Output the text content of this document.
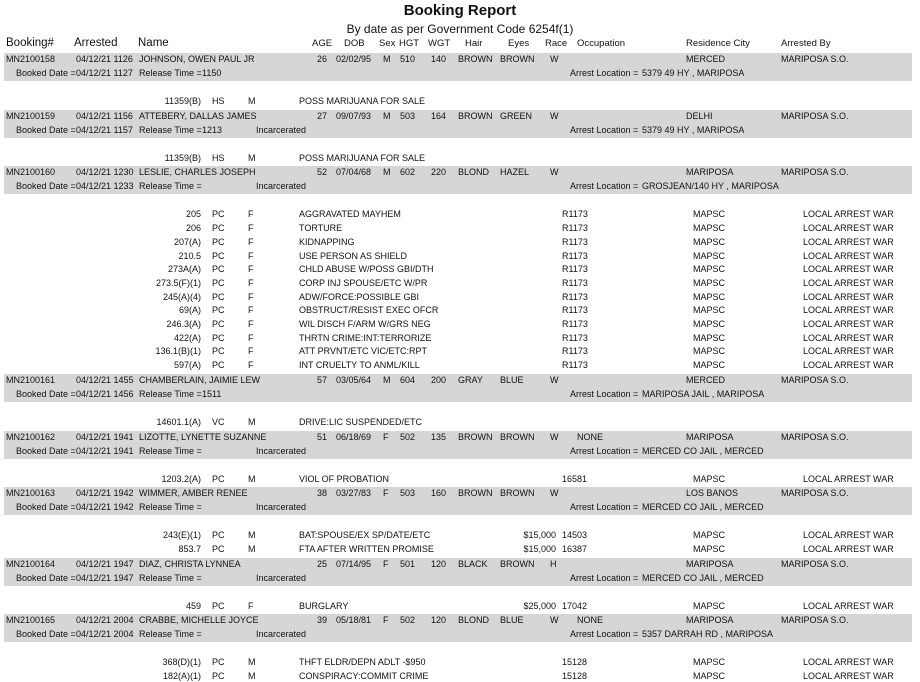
Booking Report
By date as per Government Code 6254f(1)
Booking# Arrested Name	AGE DOB Sex HGT WGT Hair	Eyes Race Occupation	Residence City	Arrested By
MN2100158 04/12/21 1126 JOHNSON, OWEN PAUL JR	26 02/02/95 M 510 140 BROWN BROWN W	MERCED	MARIPOSA S.O.
Booked Date = 04/12/21 1127 Release Time = 1150	Arrest Location = 5379 49 HY , MARIPOSA
11359(B) HS	M	POSS MARIJUANA FOR SALE
MN2100159 04/12/21 1156 ATTEBERY, DALLAS JAMES	27 09/07/93 M 503 164 BROWN GREEN W	DELHI	MARIPOSA S.O.
Booked Date = 04/12/21 1157 Release Time = 1213	Incarcerated	Arrest Location = 5379 49 HY , MARIPOSA
11359(B) HS	M	POSS MARIJUANA FOR SALE
MN2100160 04/12/21 1230 LESLIE, CHARLES JOSEPH	52 07/04/68 M 602 220 BLOND HAZEL W	MARIPOSA	MARIPOSA S.O.
Booked Date = 04/12/21 1233 Release Time =	Incarcerated	Arrest Location = GROSJEAN/140 HY , MARIPOSA
205 PC	F	AGGRAVATED MAYHEM	R1173	MAPSC	LOCAL ARREST WAR
206 PC	F	TORTURE	R1173	MAPSC	LOCAL ARREST WAR
207(A) PC	F	KIDNAPPING	R1173	MAPSC	LOCAL ARREST WAR
210.5 PC	F	USE PERSON AS SHIELD	R1173	MAPSC	LOCAL ARREST WAR
273A(A) PC	F	CHLD ABUSE W/POSS GBI/DTH	R1173	MAPSC	LOCAL ARREST WAR
273.5(F)(1) PC	F	CORP INJ SPOUSE/ETC W/PR	R1173	MAPSC	LOCAL ARREST WAR
245(A)(4) PC	F	ADW/FORCE:POSSIBLE GBI	R1173	MAPSC	LOCAL ARREST WAR
69(A) PC	F	OBSTRUCT/RESIST EXEC OFCR	R1173	MAPSC	LOCAL ARREST WAR
246.3(A) PC	F	WIL DISCH F/ARM W/GRS NEG	R1173	MAPSC	LOCAL ARREST WAR
422(A) PC	F	THRTN CRIME:INT:TERRORIZE	R1173	MAPSC	LOCAL ARREST WAR
136.1(B)(1) PC	F	ATT PRVNT/ETC VIC/ETC:RPT	R1173	MAPSC	LOCAL ARREST WAR
597(A) PC	F	INT CRUELTY TO ANML/KILL	R1173	MAPSC	LOCAL ARREST WAR
MN2100161 04/12/21 1455 CHAMBERLAIN, JAIMIE LEW	57 03/05/64 M 604 200 GRAY BLUE	W	MERCED	MARIPOSA S.O.
Booked Date = 04/12/21 1456 Release Time = 1511	Arrest Location = MARIPOSA JAIL , MARIPOSA
14601.1(A) VC	M	DRIVE:LIC SUSPENDED/ETC
MN2100162 04/12/21 1941 LIZOTTE, LYNETTE SUZANNE	51 06/18/69 F 502 135 BROWN BROWN W NONE	MARIPOSA	MARIPOSA S.O.
Booked Date = 04/12/21 1941 Release Time =	Incarcerated	Arrest Location = MERCED CO JAIL , MERCED
1203.2(A) PC	M	VIOL OF PROBATION	16581	MAPSC	LOCAL ARREST WAR
MN2100163 04/12/21 1942 WIMMER, AMBER RENEE	38 03/27/83 F 503 160 BROWN BROWN W	LOS BANOS	MARIPOSA S.O.
Booked Date = 04/12/21 1942 Release Time =	Incarcerated	Arrest Location = MERCED CO JAIL , MERCED
243(E)(1) PC	M	BAT:SPOUSE/EX SP/DATE/ETC	$15,000 14503	MAPSC	LOCAL ARREST WAR
853.7 PC	M	FTA AFTER WRITTEN PROMISE	$15,000 16387	MAPSC	LOCAL ARREST WAR
MN2100164 04/12/21 1947 DIAZ, CHRISTA LYNNEA	25 07/14/95 F 501 120 BLACK BROWN H	MARIPOSA	MARIPOSA S.O.
Booked Date = 04/12/21 1947 Release Time =	Incarcerated	Arrest Location = MERCED CO JAIL , MERCED
459 PC	F	BURGLARY	$25,000 17042	MAPSC	LOCAL ARREST WAR
MN2100165 04/12/21 2004 CRABBE, MICHELLE JOYCE	39 05/18/81 F 502 120 BLOND BLUE	W NONE	MARIPOSA	MARIPOSA S.O.
Booked Date = 04/12/21 2004 Release Time =	Incarcerated	Arrest Location = 5357 DARRAH RD , MARIPOSA
368(D)(1) PC	M	THFT ELDR/DEPN ADLT -$950	15128	MAPSC	LOCAL ARREST WAR
182(A)(1) PC	M	CONSPIRACY:COMMIT CRIME	15128	MAPSC	LOCAL ARREST WAR
